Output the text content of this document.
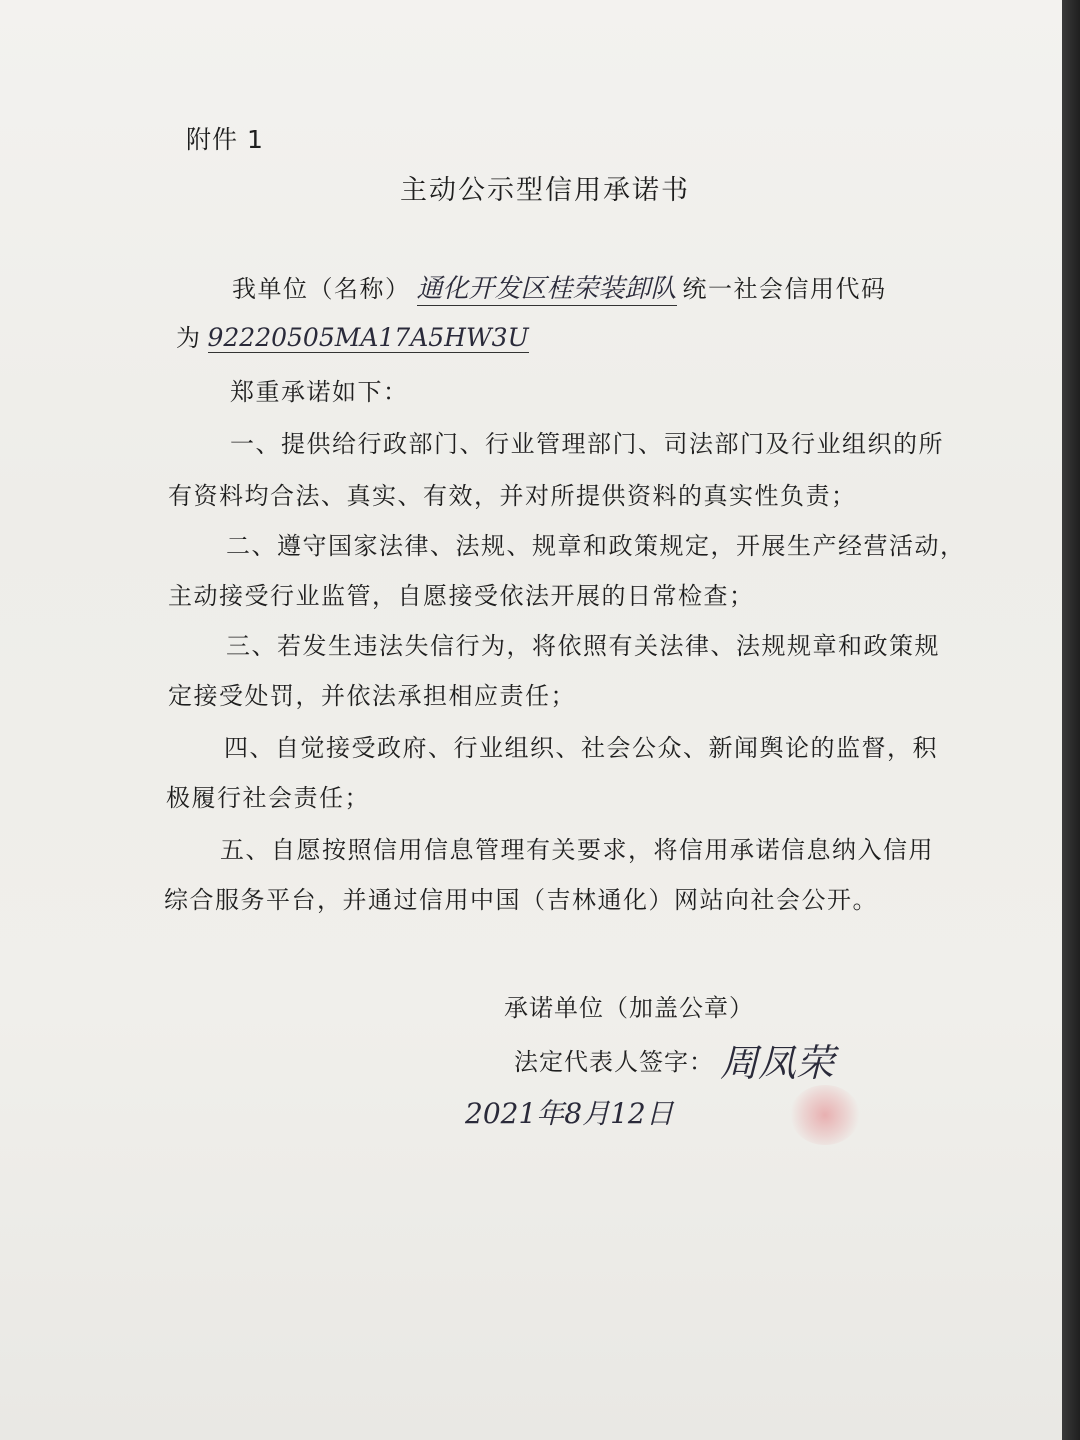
附件 1
主动公示型信用承诺书
我单位（名称） 通化开发区桂荣装卸队 统一社会信用代码
为 92220505MA17A5HW3U
郑重承诺如下：
一、提供给行政部门、行业管理部门、司法部门及行业组织的所
有资料均合法、真实、有效，并对所提供资料的真实性负责；
二、遵守国家法律、法规、规章和政策规定，开展生产经营活动，
主动接受行业监管，自愿接受依法开展的日常检查；
三、若发生违法失信行为，将依照有关法律、法规规章和政策规
定接受处罚，并依法承担相应责任；
四、自觉接受政府、行业组织、社会公众、新闻舆论的监督，积
极履行社会责任；
五、自愿按照信用信息管理有关要求，将信用承诺信息纳入信用
综合服务平台，并通过信用中国（吉林通化）网站向社会公开。
承诺单位（加盖公章）
法定代表人签字： 周凤荣
2021年8月12日
